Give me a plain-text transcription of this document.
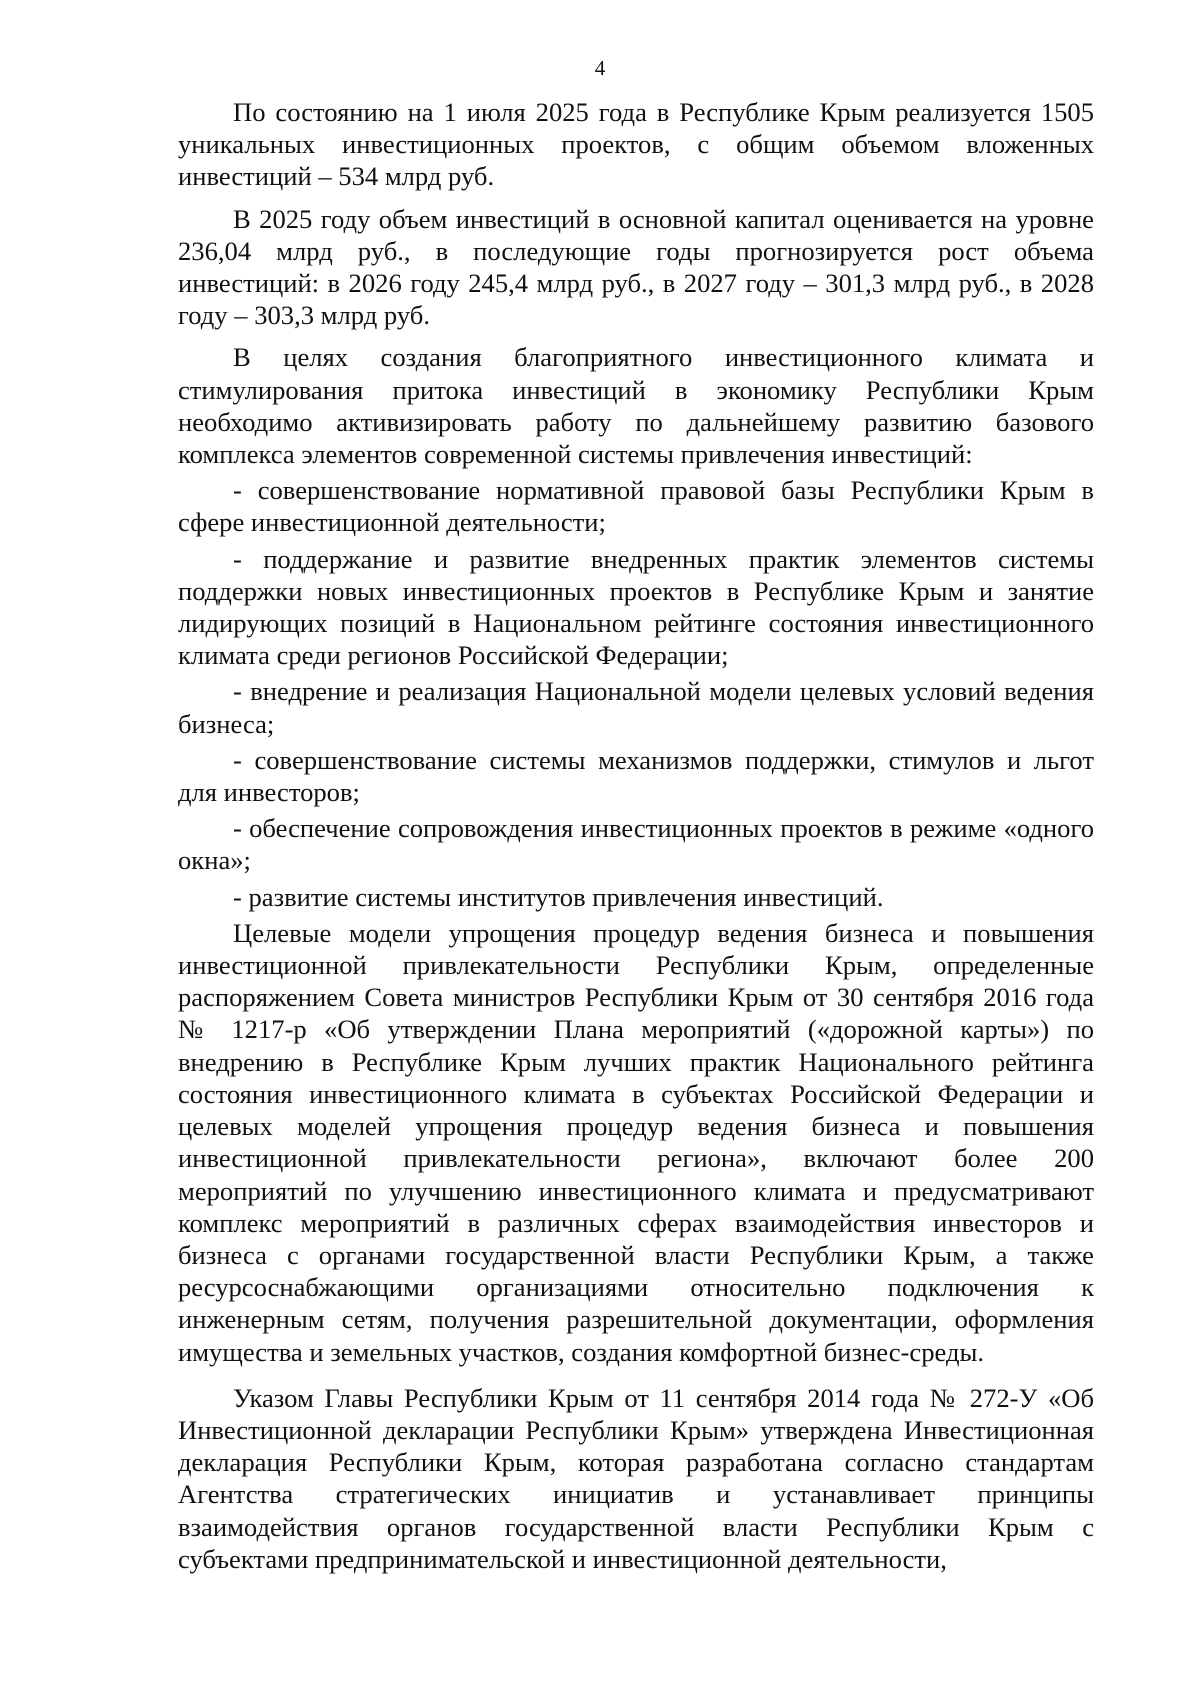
4

По состоянию на 1 июля 2025 года в Республике Крым реализуется 1505 уникальных инвестиционных проектов, с общим объемом вложенных инвестиций – 534 млрд руб.

В 2025 году объем инвестиций в основной капитал оценивается на уровне 236,04 млрд руб., в последующие годы прогнозируется рост объема инвестиций: в 2026 году 245,4 млрд руб., в 2027 году – 301,3 млрд руб., в 2028 году – 303,3 млрд руб.

В целях создания благоприятного инвестиционного климата и стимулирования притока инвестиций в экономику Республики Крым необходимо активизировать работу по дальнейшему развитию базового комплекса элементов современной системы привлечения инвестиций:

- совершенствование нормативной правовой базы Республики Крым в сфере инвестиционной деятельности;

- поддержание и развитие внедренных практик элементов системы поддержки новых инвестиционных проектов в Республике Крым и занятие лидирующих позиций в Национальном рейтинге состояния инвестиционного климата среди регионов Российской Федерации;

- внедрение и реализация Национальной модели целевых условий ведения бизнеса;

- совершенствование системы механизмов поддержки, стимулов и льгот для инвесторов;

- обеспечение сопровождения инвестиционных проектов в режиме «одного окна»;

- развитие системы институтов привлечения инвестиций.

Целевые модели упрощения процедур ведения бизнеса и повышения инвестиционной привлекательности Республики Крым, определенные распоряжением Совета министров Республики Крым от 30 сентября 2016 года № 1217-р «Об утверждении Плана мероприятий («дорожной карты») по внедрению в Республике Крым лучших практик Национального рейтинга состояния инвестиционного климата в субъектах Российской Федерации и целевых моделей упрощения процедур ведения бизнеса и повышения инвестиционной привлекательности региона», включают более 200 мероприятий по улучшению инвестиционного климата и предусматривают комплекс мероприятий в различных сферах взаимодействия инвесторов и бизнеса с органами государственной власти Республики Крым, а также ресурсоснабжающими организациями относительно подключения к инженерным сетям, получения разрешительной документации, оформления имущества и земельных участков, создания комфортной бизнес-среды.

Указом Главы Республики Крым от 11 сентября 2014 года № 272-У «Об Инвестиционной декларации Республики Крым» утверждена Инвестиционная декларация Республики Крым, которая разработана согласно стандартам Агентства стратегических инициатив и устанавливает принципы взаимодействия органов государственной власти Республики Крым с субъектами предпринимательской и инвестиционной деятельности,
